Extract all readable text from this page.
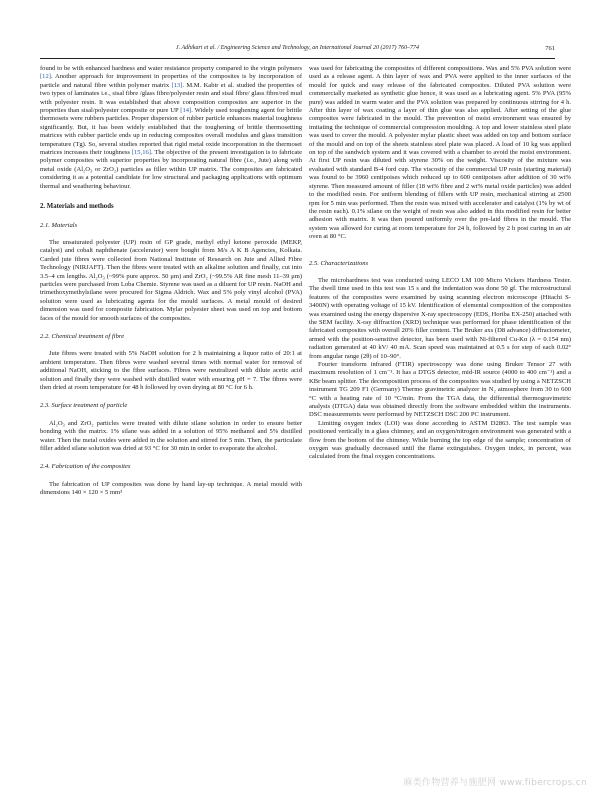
J. Adhikari et al. / Engineering Science and Technology, an International Journal 20 (2017) 760–774	761

found to be with enhanced hardness and water resistance property compared to the virgin polymers [12]. Another approach for improvement in properties of the composites is by incorporation of particle and natural fibre within polymer matrix [13]. M.M. Kabir et al. studied the properties of two types of laminates i.e., sisal fibre /glass fibre/polyester resin and sisal fibre/ glass fibre/red mud with polyester resin. It was established that above composition composites are superior in the properties than sisal/polyester composite or pure UP [14]. Widely used toughening agent for brittle thermosets were rubbers particles. Proper dispersion of rubber particle enhances material toughness significantly. But, it has been widely established that the toughening of brittle thermosetting matrices with rubber particle ends up in reducing composites overall modulus and glass transition temperature (Tg). So, several studies reported that rigid metal oxide incorporation in the thermoset matrices increases their toughness [15,16]. The objective of the present investigation is to fabricate polymer composites with superior properties by incorporating natural fibre (i.e., Jute) along with metal oxide (Al₂O₃ or ZrO₂) particles as filler within UP matrix. The composites are fabricated considering it as a potential candidate for low structural and packaging applications with optimum thermal and weathering behaviour.

2. Materials and methods
2.1. Materials

The unsaturated polyester (UP) resin of GP grade, methyl ethyl ketone peroxide (MEKP, catalyst) and cobalt naphthenate (accelerator) were bought from M/s A K B Agencies, Kolkata. Carded jute fibres were collected from National Institute of Research on Jute and Allied Fibre Technology (NIRJAFT). Then the fibres were treated with an alkaline solution and finally, cut into 3.5–4 cm lengths. Al₂O₃ (~99% pure approx. 50 μm) and ZrO₂ (~99.5% AR fine mesh 11–39 μm) particles were purchased from Loba Chemie. Styrene was used as a diluent for UP resin. NaOH and trimethoxymethylsilane were procured for Sigma Aldrich. Wax and 5% poly vinyl alcohol (PVA) solution were used as lubricating agents for the mould surfaces. A metal mould of desired dimension was used for composite fabrication. Mylar polyester sheet was used on top and bottom faces of the mould for smooth surfaces of the composites.

2.2. Chemical treatment of fibre

Jute fibres were treated with 5% NaOH solution for 2 h maintaining a liquor ratio of 20:1 at ambient temperature. Then fibres were washed several times with normal water for removal of additional NaOH, sticking to the fibre surfaces. Fibres were neutralized with dilute acetic acid solution and finally they were washed with distilled water with ensuring pH = 7. The fibres were then dried at room temperature for 48 h followed by oven drying at 80 °C for 6 h.

2.3. Surface treatment of particle

Al₂O₃ and ZrO₂ particles were treated with dilute silane solution in order to ensure better bonding with the matrix. 1% silane was added in a solution of 95% methanol and 5% distilled water. Then the metal oxides were added in the solution and stirred for 5 min. Then, the particulate filler added silane solution was dried at 93 °C for 30 min in order to evaporate the alcohol.

2.4. Fabrication of the composites

The fabrication of UP composites was done by hand lay-up technique. A metal mould with dimensions 140 × 120 × 5 mm³

was used for fabricating the composites of different compositions. Wax and 5% PVA solution were used as a release agent. A thin layer of wax and PVA were applied to the inner surfaces of the mould for quick and easy release of the fabricated composites. Diluted PVA solution were commercially marketed as synthetic glue hence, it was used as a lubricating agent. 5% PVA (95% pure) was added in warm water and the PVA solution was prepared by continuous stirring for 4 h. After thin layer of wax coating a layer of thin glue was also applied. After setting of the glue composites were fabricated in the mould. The prevention of moist environment was ensured by imitating the technique of commercial compression moulding. A top and lower stainless steel plate was used to cover the mould. A polyester mylar plastic sheet was added on top and bottom surface of the mould and on top of the sheets stainless steel plate was placed. A load of 10 kg was applied on top of the sandwich system and it was covered with a chamber to avoid the moist environment. At first UP resin was diluted with styrene 30% on the weight. Viscosity of the mixture was evaluated with standard B-4 ford cup. The viscosity of the commercial UP resin (starting material) was found to be 3960 centipoises which reduced up to 600 centipoises after addition of 30 wt% styrene. Then measured amount of filler (18 wt% fibre and 2 wt% metal oxide particles) was added to the modified resin. For uniform blending of fillers with UP resin, mechanical stirring at 2500 rpm for 5 min was performed. Then the resin was mixed with accelerator and catalyst (1% by wt of the resin each). 0.1% silane on the weight of resin was also added in this modified resin for better adhesion with matrix. It was then poured uniformly over the pre-laid fibres in the mould. The system was allowed for curing at room temperature for 24 h, followed by 2 h post curing in an air oven at 80 °C.

2.5. Characterizations

The microhardness test was conducted using LECO LM 100 Micro Vickers Hardness Tester. The dwell time used in this test was 15 s and the indentation was done 50 gf. The microstructural features of the composites were examined by using scanning electron microscope (Hitachi S-3400N) with operating voltage of 15 kV. Identification of elemental composition of the composites was examined using the energy dispersive X-ray spectroscopy (EDS, Horiba EX-250) attached with the SEM facility. X-ray diffraction (XRD) technique was performed for phase identification of the fabricated composites with overall 20% filler content. The Bruker axs (D8 advance) diffractometer, armed with the position-sensitive detector, has been used with Ni-filtered Cu-Kα (λ = 0.154 nm) radiation generated at 40 kV/ 40 mA. Scan speed was maintained at 0.5 s for step of each 0.02° from angular range (2θ) of 10–90°.

Fourier transform infrared (FTIR) spectroscopy was done using Bruker Tensor 27 with maximum resolution of 1 cm⁻¹. It has a DTGS detector, mid-IR source (4000 to 400 cm⁻¹) and a KBr beam splitter. The decomposition process of the composites was studied by using a NETZSCH instrument TG 209 F1 (Germany) Thermo gravimetric analyzer in N₂ atmosphere from 30 to 600 °C with a heating rate of 10 °C/min. From the TGA data, the differential thermogravimetric analysis (DTGA) data was obtained directly from the software embedded within the instruments. DSC measurements were performed by NETZSCH DSC 200 PC instrument.

Limiting oxygen index (LOI) was done according to ASTM D2863. The test sample was positioned vertically in a glass chimney, and an oxygen/nitrogen environment was generated with a flow from the bottom of the chimney. While burning the top edge of the sample; concentration of oxygen was gradually decreased until the flame extinguishes. Oxygen index, in percent, was calculated from the final oxygen concentrations.

麻类作物营养与施肥网 www.fibercrops.cn
